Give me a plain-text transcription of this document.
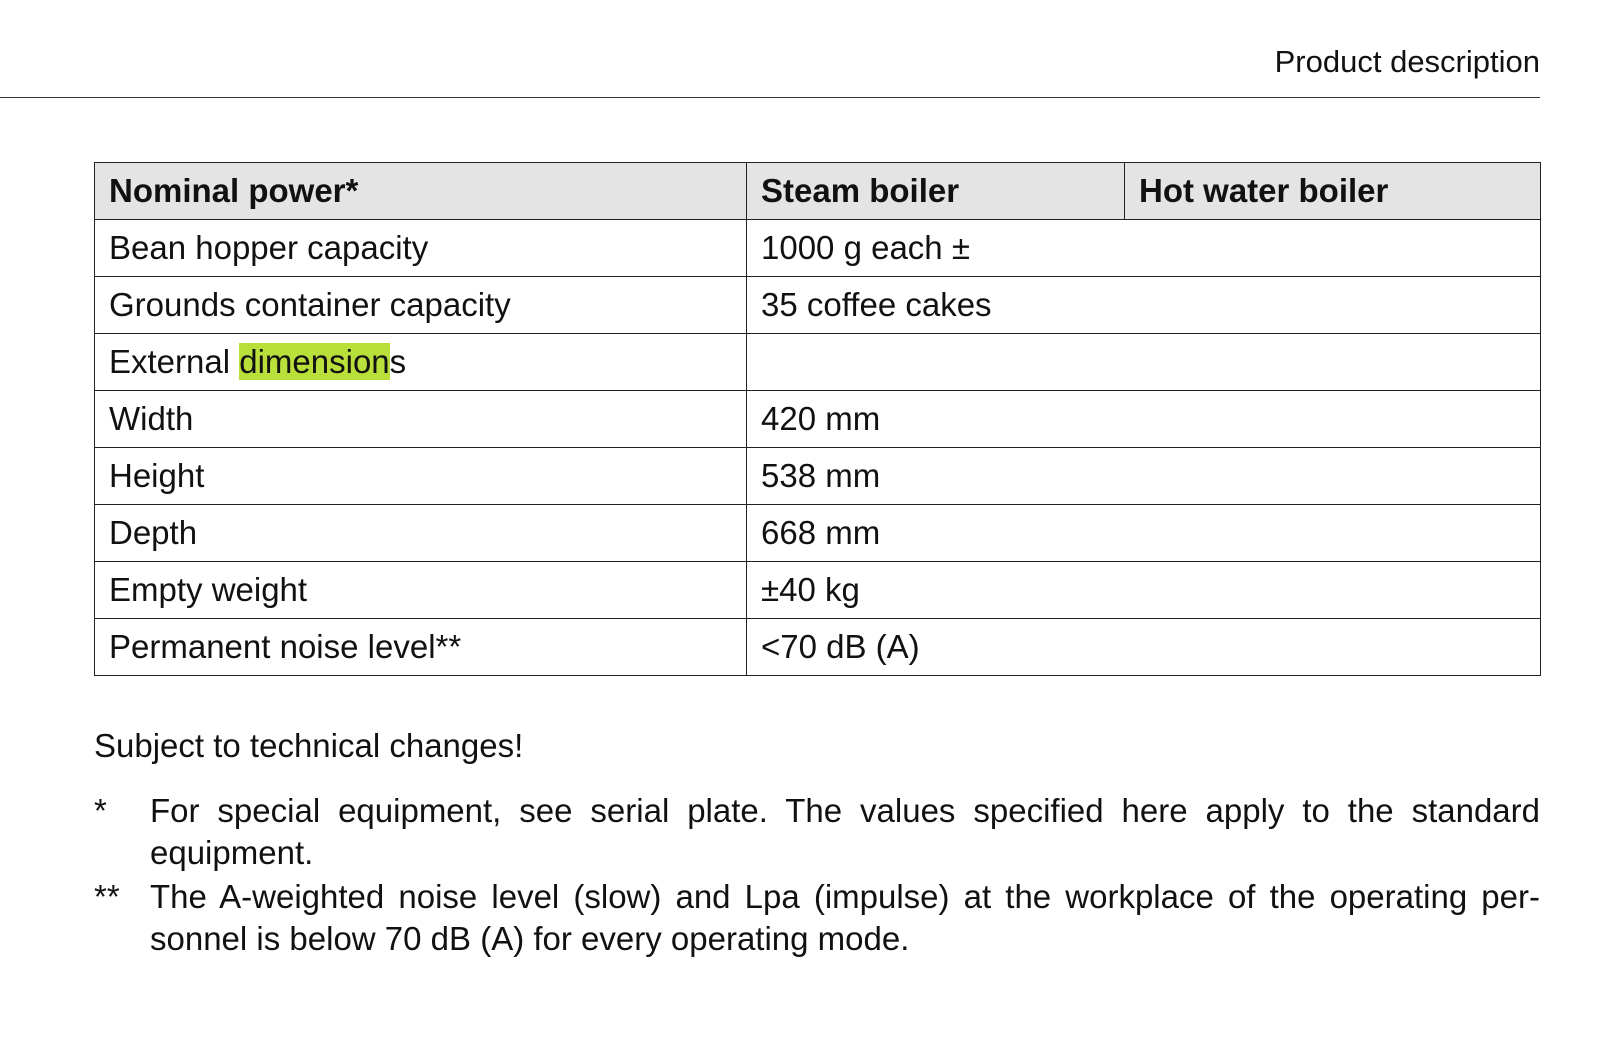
Product description
Nominal power*	Steam boiler	Hot water boiler
Bean hopper capacity	1000 g each ±	
Grounds container capacity	35 coffee cakes	
External dimensions		
Width	420 mm	
Height	538 mm	
Depth	668 mm	
Empty weight	±40 kg	
Permanent noise level**	<70 dB (A)	
Subject to technical changes!
*	For special equipment, see serial plate. The values specified here apply to the standard equipment.
** The A-weighted noise level (slow) and Lpa (impulse) at the workplace of the operating per-sonnel is below 70 dB (A) for every operating mode.
